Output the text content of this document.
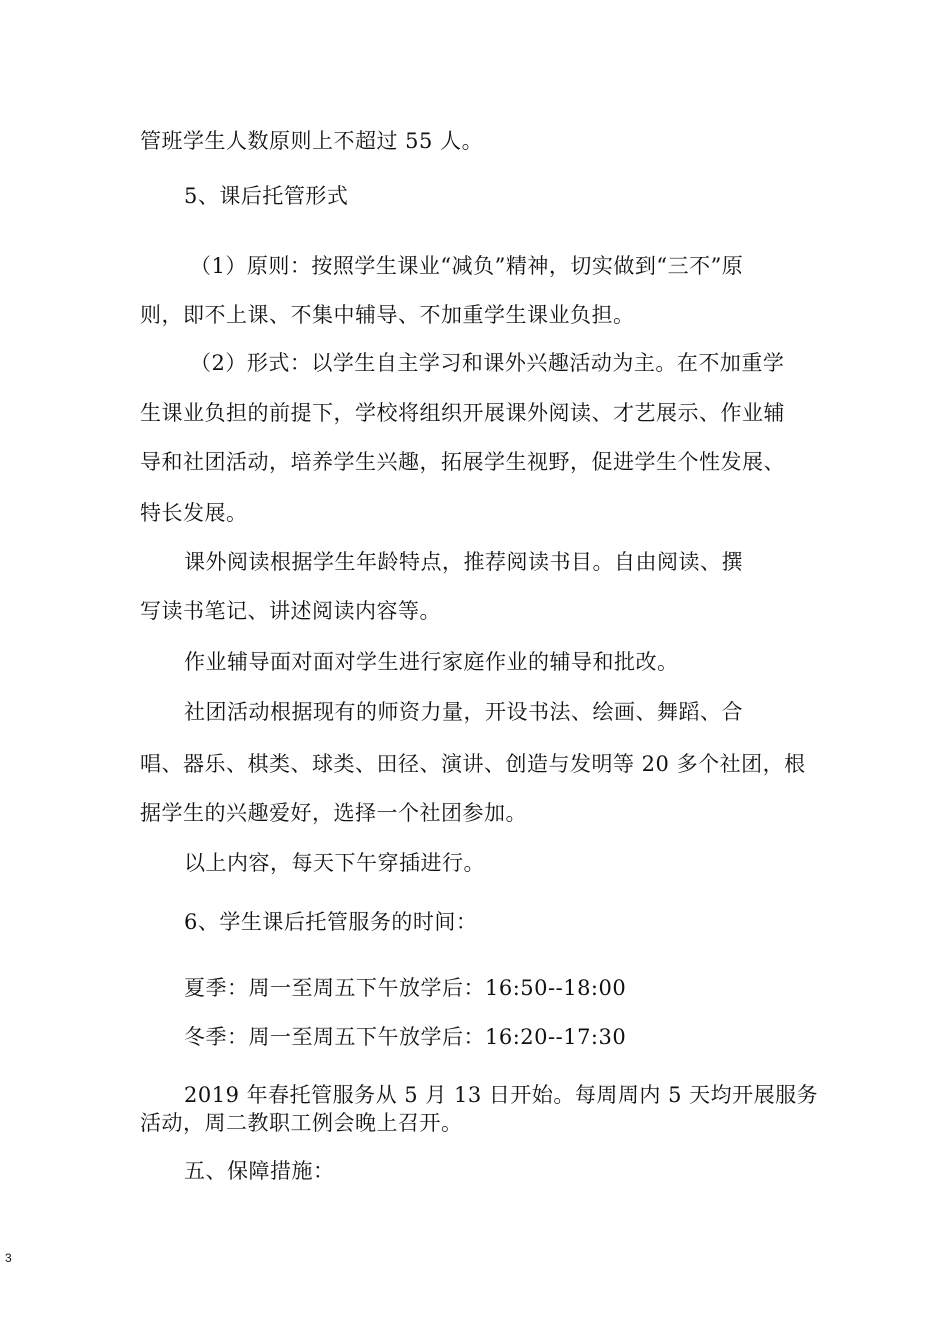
管班学生人数原则上不超过 55 人。
5、课后托管形式
（1）原则：按照学生课业“减负”精神，切实做到“三不”原
则，即不上课、不集中辅导、不加重学生课业负担。
（2）形式：以学生自主学习和课外兴趣活动为主。在不加重学
生课业负担的前提下，学校将组织开展课外阅读、才艺展示、作业辅
导和社团活动，培养学生兴趣，拓展学生视野，促进学生个性发展、
特长发展。
课外阅读根据学生年龄特点，推荐阅读书目。自由阅读、撰
写读书笔记、讲述阅读内容等。
作业辅导面对面对学生进行家庭作业的辅导和批改。
社团活动根据现有的师资力量，开设书法、绘画、舞蹈、合
唱、器乐、棋类、球类、田径、演讲、创造与发明等 20 多个社团，根
据学生的兴趣爱好，选择一个社团参加。
以上内容，每天下午穿插进行。
6、学生课后托管服务的时间：
夏季：周一至周五下午放学后：16:50--18:00
冬季：周一至周五下午放学后：16:20--17:30
2019 年春托管服务从 5 月 13 日开始。每周周内 5 天均开展服务
活动，周二教职工例会晚上召开。
五、保障措施：
3
